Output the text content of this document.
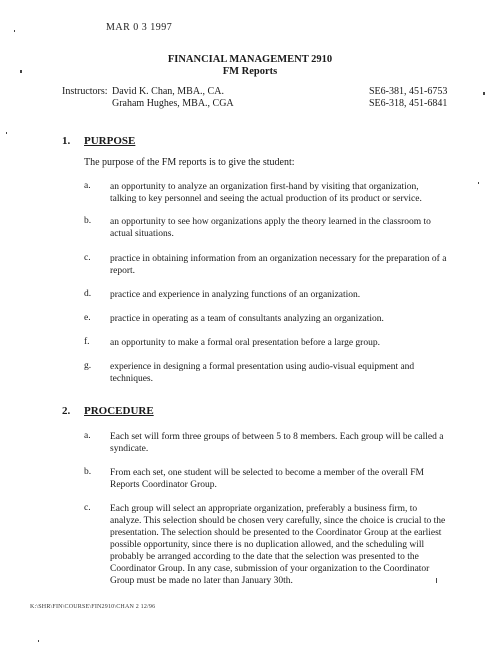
MAR 0 3 1997
FINANCIAL MANAGEMENT 2910
FM Reports
Instructors: David K. Chan, MBA., CA.
Graham Hughes, MBA., CGA
SE6-381, 451-6753
SE6-318, 451-6841
1. PURPOSE
The purpose of the FM reports is to give the student:
a. an opportunity to analyze an organization first-hand by visiting that organization,
talking to key personnel and seeing the actual production of its product or service.
b. an opportunity to see how organizations apply the theory learned in the classroom to
actual situations.
c. practice in obtaining information from an organization necessary for the preparation of a
report.
d. practice and experience in analyzing functions of an organization.
e. practice in operating as a team of consultants analyzing an organization.
f. an opportunity to make a formal oral presentation before a large group.
g. experience in designing a formal presentation using audio-visual equipment and
techniques.
2. PROCEDURE
a. Each set will form three groups of between 5 to 8 members. Each group will be called a
syndicate.
b. From each set, one student will be selected to become a member of the overall FM
Reports Coordinator Group.
c. Each group will select an appropriate organization, preferably a business firm, to
analyze. This selection should be chosen very carefully, since the choice is crucial to the
presentation. The selection should be presented to the Coordinator Group at the earliest
possible opportunity, since there is no duplication allowed, and the scheduling will
probably be arranged according to the date that the selection was presented to the
Coordinator Group. In any case, submission of your organization to the Coordinator
Group must be made no later than January 30th.
K:\SHR\FIN\COURSE\FIN2910\CHAN 2 12/96
